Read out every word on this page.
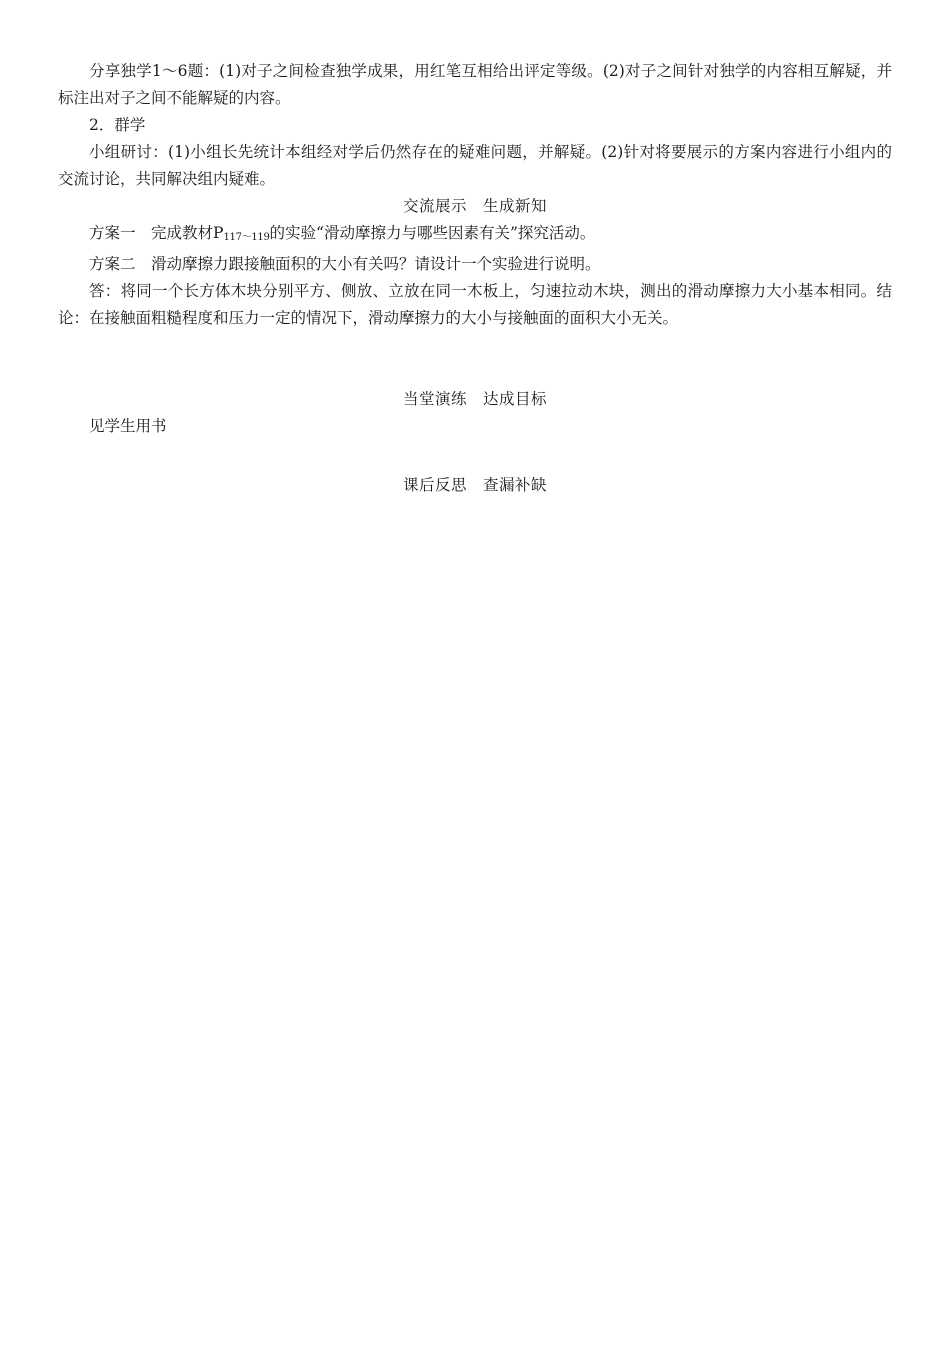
分享独学1～6题：(1)对子之间检查独学成果，用红笔互相给出评定等级。(2)对子之间针对独学的内容相互解疑，并标注出对子之间不能解疑的内容。

2．群学

小组研讨：(1)小组长先统计本组经对学后仍然存在的疑难问题，并解疑。(2)针对将要展示的方案内容进行小组内的交流讨论，共同解决组内疑难。

交流展示　生成新知

方案一　 完成教材$P_{117\sim 119}$的实验“滑动摩擦力与哪些因素有关”探究活动。

方案二　 滑动摩擦力跟接触面积的大小有关吗？请设计一个实验进行说明。

答：将同一个长方体木块分别平方、侧放、立放在同一木板上，匀速拉动木块，测出的滑动摩擦力大小基本相同。结论：在接触面粗糙程度和压力一定的情况下，滑动摩擦力的大小与接触面的面积大小无关。

当堂演练　达成目标

见学生用书

课后反思　查漏补缺
